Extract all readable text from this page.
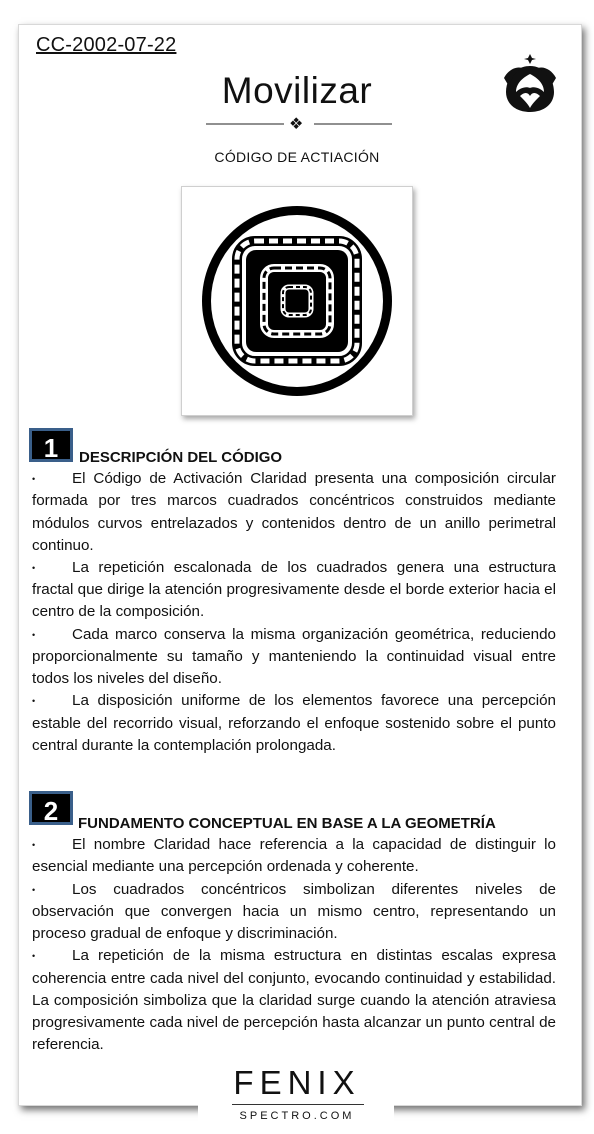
CC-2002-07-22
Movilizar
❖
CÓDIGO DE ACTIACIÓN
1	DESCRIPCIÓN DEL CÓDIGO

• El Código de Activación Claridad presenta una composición circular formada por tres marcos cuadrados concéntricos construidos mediante módulos curvos entrelazados y contenidos dentro de un anillo perimetral continuo.

• La repetición escalonada de los cuadrados genera una estructura fractal que dirige la atención progresivamente desde el borde exterior hacia el centro de la composición.

• Cada marco conserva la misma organización geométrica, reduciendo proporcionalmente su tamaño y manteniendo la continuidad visual entre todos los niveles del diseño.

• La disposición uniforme de los elementos favorece una percepción estable del recorrido visual, reforzando el enfoque sostenido sobre el punto central durante la contemplación prolongada.

2	FUNDAMENTO CONCEPTUAL EN BASE A LA GEOMETRÍA

• El nombre Claridad hace referencia a la capacidad de distinguir lo esencial mediante una percepción ordenada y coherente.

• Los cuadrados concéntricos simbolizan diferentes niveles de observación que convergen hacia un mismo centro, representando un proceso gradual de enfoque y discriminación.

• La repetición de la misma estructura en distintas escalas expresa coherencia entre cada nivel del conjunto, evocando continuidad y estabilidad. La composición simboliza que la claridad surge cuando la atención atraviesa progresivamente cada nivel de percepción hasta alcanzar un punto central de referencia.

FENIX
SPECTRO.COM
